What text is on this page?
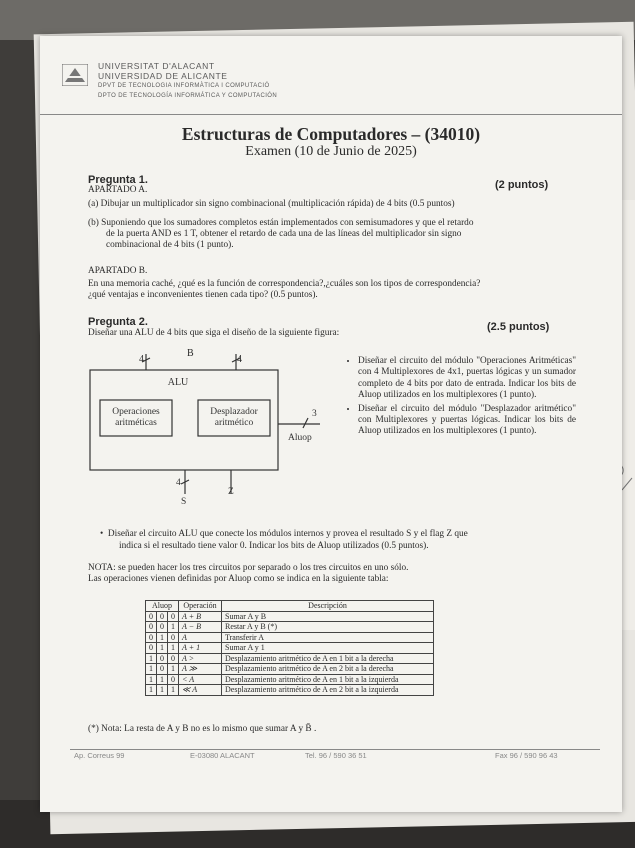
UNIVERSITAT D'ALACANT
UNIVERSIDAD DE ALICANTE
DPVT DE TECNOLOGIA INFORMÀTICA I COMPUTACIÓ
DPTO DE TECNOLOGÍA INFORMÁTICA Y COMPUTACIÓN
Estructuras de Computadores – (34010)
Examen (10 de Junio de 2025)
Pregunta 1.	(2 puntos)
APARTADO A.
(a) Dibujar un multiplicador sin signo combinacional (multiplicación rápida) de 4 bits (0.5 puntos)
(b) Suponiendo que los sumadores completos están implementados con semisumadores y que el retardo
de la puerta AND es 1 T, obtener el retardo de cada una de las líneas del multiplicador sin signo
combinacional de 4 bits (1 punto).
APARTADO B.
En una memoria caché, ¿qué es la función de correspondencia?,¿cuáles son los tipos de correspondencia?
¿qué ventajas e inconvenientes tienen cada tipo? (0.5 puntos).
Pregunta 2.	(2.5 puntos)
Diseñar una ALU de 4 bits que siga el diseño de la siguiente figura:
4
ALU
Operaciones
aritméticas
Desplazador
aritmético
3
Aluop
4
S
Z
B
4	• Diseñar el circuito del módulo "Operaciones Aritméticas" con 4 Multiplexores de 4x1, puertas lógicas y un sumador completo de 4 bits por dato de entrada. Indicar los bits de Aluop utilizados en los multiplexores (1 punto).
• Diseñar el circuito del módulo "Desplazador aritmético" con Multiplexores y puertas lógicas. Indicar los bits de Aluop utilizados en los multiplexores (1 punto).
•  Diseñar el circuito ALU que conecte los módulos internos y provea el resultado S y el flag Z que
indica si el resultado tiene valor 0. Indicar los bits de Aluop utilizados (0.5 puntos).
NOTA: se pueden hacer los tres circuitos por separado o los tres circuitos en uno sólo.
Las operaciones vienen definidas por Aluop como se indica en la siguiente tabla:
Aluop			Operación	Descripción
0	0	0	A + B	Sumar A y B
0	0	1	A − B	Restar A y B (*)
0	1	0	A	Transferir A
0	1	1	A + 1	Sumar A y 1
1	0	0	A >	Desplazamiento aritmético de A en 1 bit a la derecha
1	0	1	A ≫	Desplazamiento aritmético de A en 2 bit a la derecha
1	1	0	< A	Desplazamiento aritmético de A en 1 bit a la izquierda
1	1	1	≪ A	Desplazamiento aritmético de A en 2 bit a la izquierda
(*) Nota: La resta de A y B no es lo mismo que sumar A y B̄ .
Ap. Correus 99	E-03080 ALACANT	Tel. 96 / 590 36 51	Fax 96 / 590 96 43
